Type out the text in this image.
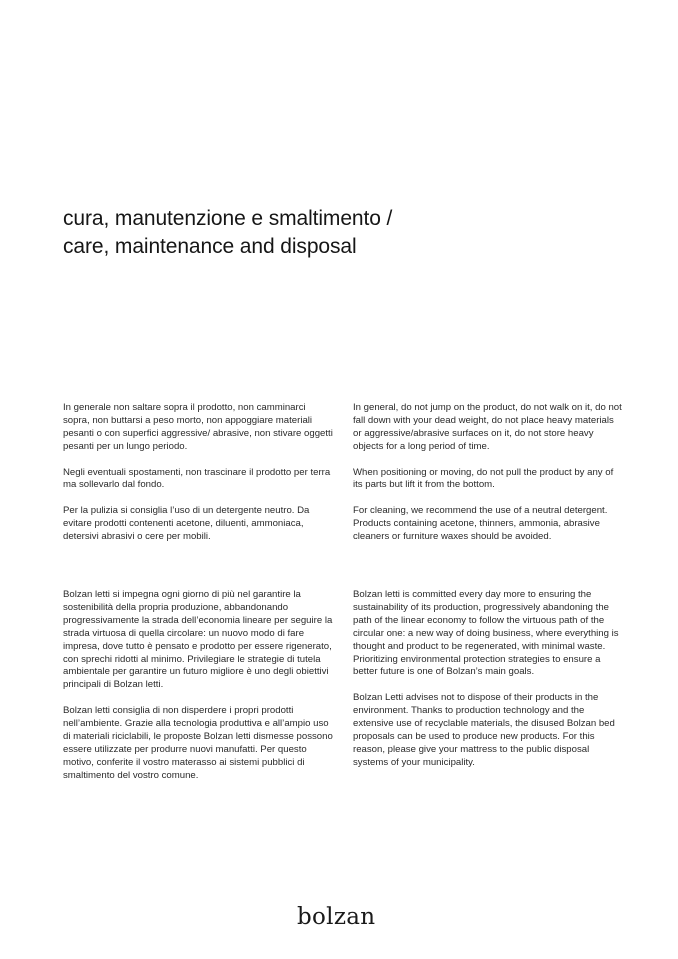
cura, manutenzione e smaltimento /
care, maintenance and disposal

In generale non saltare sopra il prodotto, non camminarci sopra, non buttarsi a peso morto, non appoggiare materiali pesanti o con superfici aggressive/ abrasive, non stivare oggetti pesanti per un lungo periodo.

Negli eventuali spostamenti, non trascinare il prodotto per terra ma sollevarlo dal fondo.

Per la pulizia si consiglia l’uso di un detergente neutro. Da evitare prodotti contenenti acetone, diluenti, ammoniaca, detersivi abrasivi o cere per mobili.

In general, do not jump on the product, do not walk on it, do not fall down with your dead weight, do not place heavy materials or aggressive/abrasive surfaces on it, do not store heavy objects for a long period of time.

When positioning or moving, do not pull the product by any of its parts but lift it from the bottom.

For cleaning, we recommend the use of a neutral detergent. Products containing acetone, thinners, ammonia, abrasive cleaners or furniture waxes should be avoided.

Bolzan letti si impegna ogni giorno di più nel garantire la sostenibilità della propria produzione, abbandonando progressivamente la strada dell’economia lineare per seguire la strada virtuosa di quella circolare: un nuovo modo di fare impresa, dove tutto è pensato e prodotto per essere rigenerato, con sprechi ridotti al minimo. Privilegiare le strategie di tutela ambientale per garantire un futuro migliore è uno degli obiettivi principali di Bolzan letti.

Bolzan letti consiglia di non disperdere i propri prodotti nell’ambiente. Grazie alla tecnologia produttiva e all’ampio uso di materiali riciclabili, le proposte Bolzan letti dismesse possono essere utilizzate per produrre nuovi manufatti. Per questo motivo, conferite il vostro materasso ai sistemi pubblici di smaltimento del vostro comune.

Bolzan letti is committed every day more to ensuring the sustainability of its production, progressively abandoning the path of the linear economy to follow the virtuous path of the circular one: a new way of doing business, where everything is thought and product to be regenerated, with minimal waste. Prioritizing environmental protection strategies to ensure a better future is one of Bolzan’s main goals.

Bolzan Letti advises not to dispose of their products in the environment. Thanks to production technology and the extensive use of recyclable materials, the disused Bolzan bed proposals can be used to produce new products. For this reason, please give your mattress to the public disposal systems of your municipality.

bolzan
